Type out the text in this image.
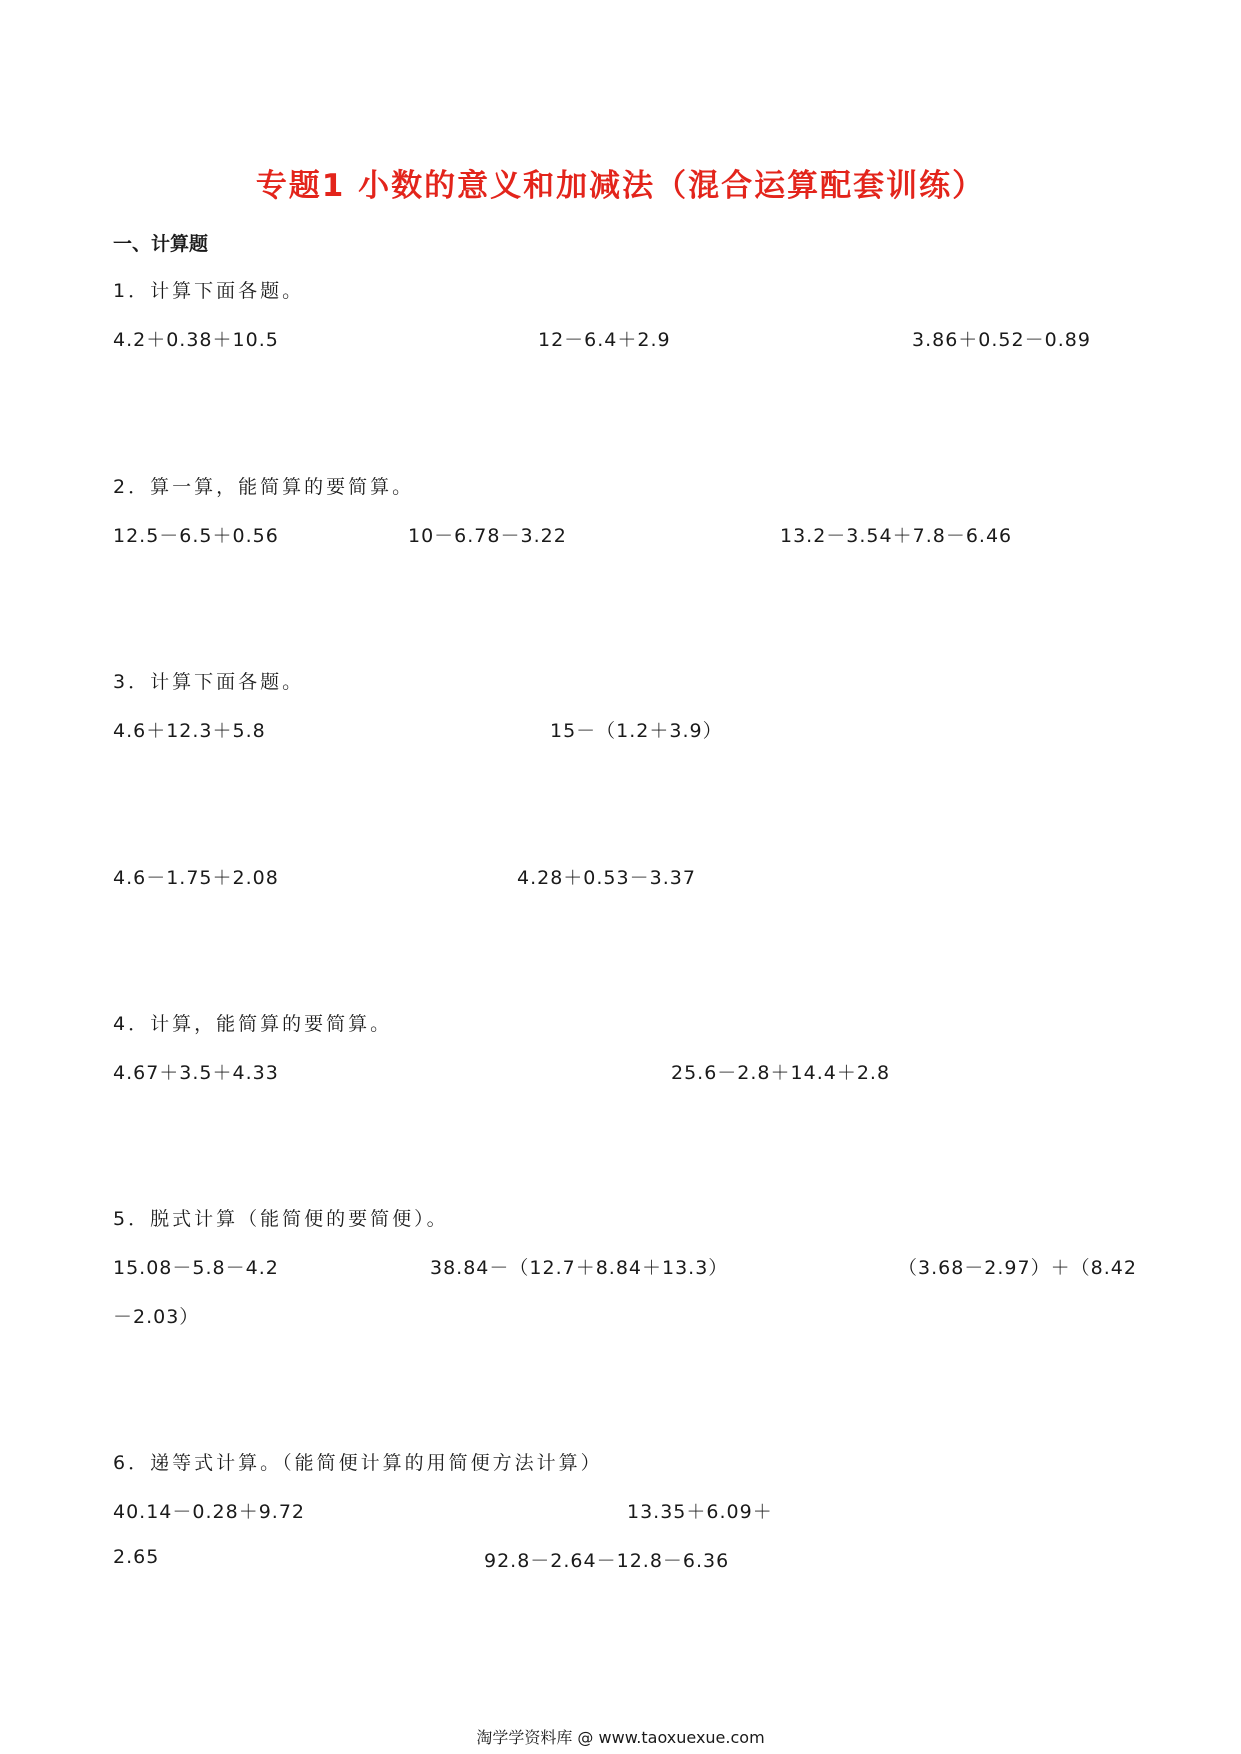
专题1 小数的意义和加减法（混合运算配套训练）
一、计算题
1．计算下面各题。
4.2＋0.38＋10.5	12－6.4＋2.9	3.86＋0.52－0.89
2．算一算，能简算的要简算。
12.5－6.5＋0.56	10－6.78－3.22	13.2－3.54＋7.8－6.46
3．计算下面各题。
4.6＋12.3＋5.8	15－（1.2＋3.9）
4.6－1.75＋2.08	4.28＋0.53－3.37
4．计算，能简算的要简算。
4.67＋3.5＋4.33	25.6－2.8＋14.4＋2.8
5．脱式计算（能简便的要简便）。
15.08－5.8－4.2	38.84－（12.7＋8.84＋13.3）	（3.68－2.97）＋（8.42
－2.03）
6．递等式计算。（能简便计算的用简便方法计算）
40.14－0.28＋9.72	13.35＋6.09＋
2.65	92.8－2.64－12.8－6.36
淘学学资料库 @ www.taoxuexue.com
